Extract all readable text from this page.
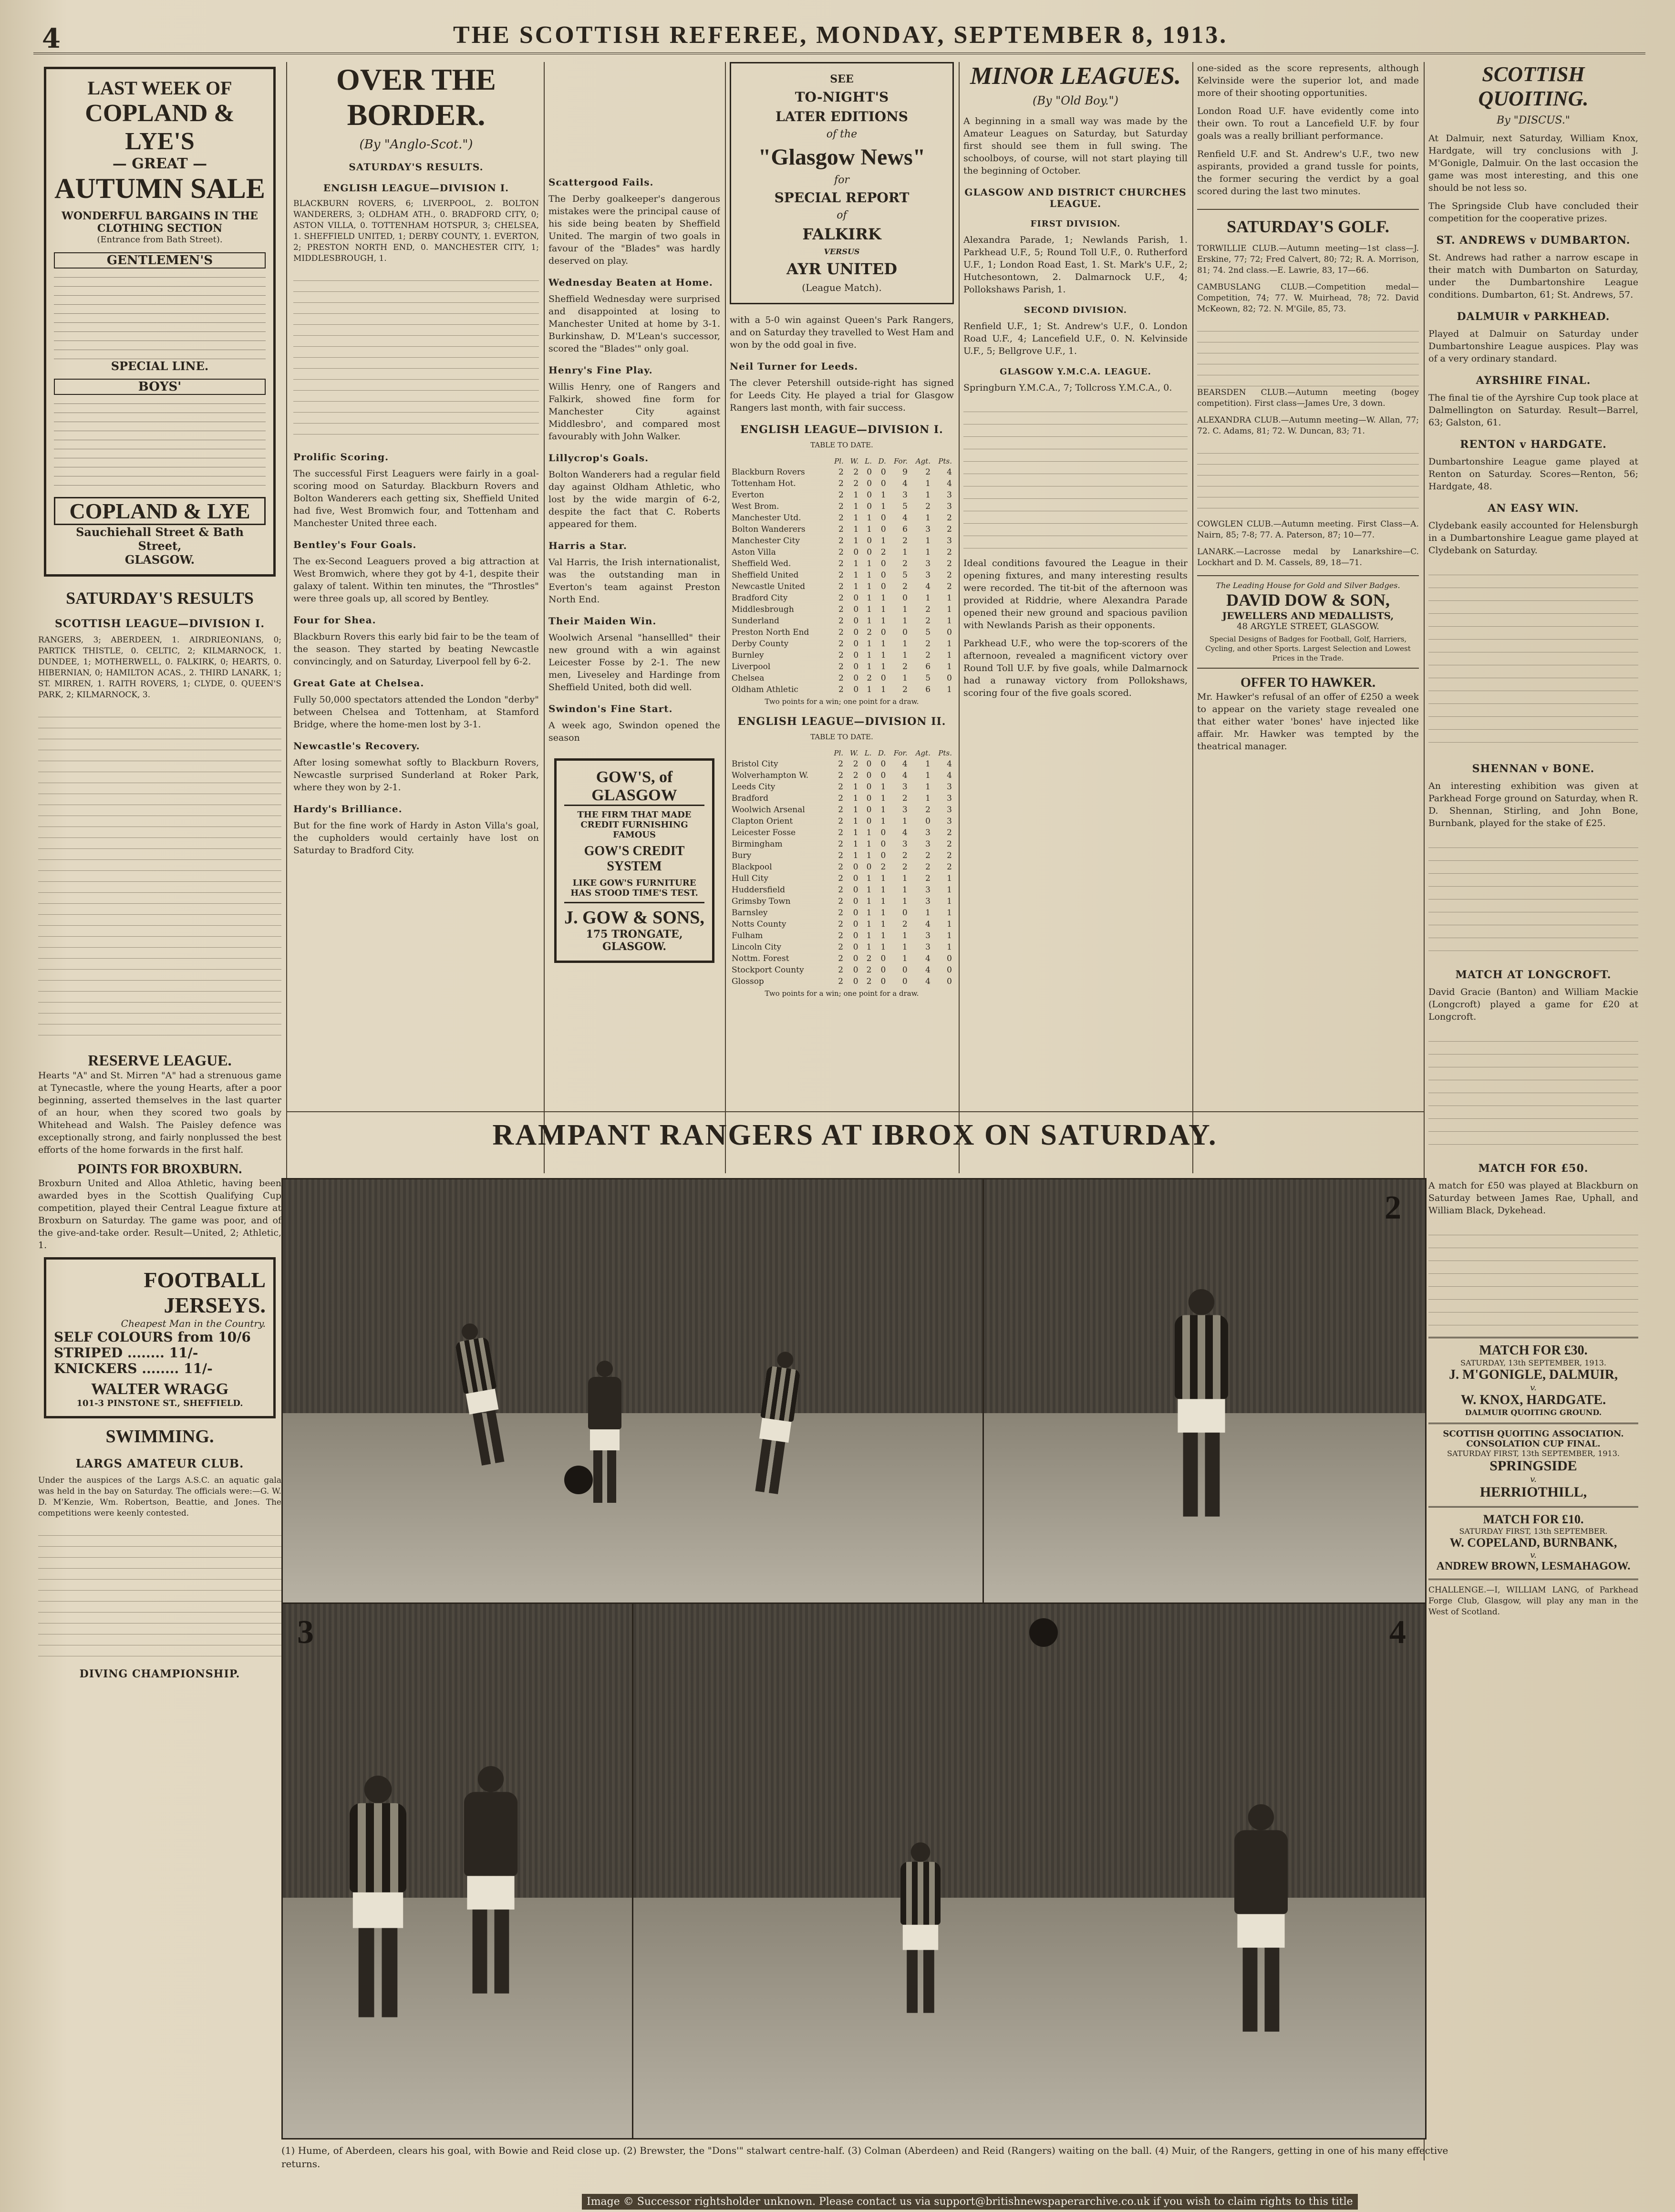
4	THE SCOTTISH REFEREE, MONDAY, SEPTEMBER 8, 1913.
LAST WEEK OF
COPLAND & LYE'S
— GREAT —
AUTUMN SALE
WONDERFUL BARGAINS IN THE CLOTHING SECTION
(Entrance from Bath Street).
GENTLEMEN'S
SPECIAL LINE.
BOYS'
COPLAND & LYE
Sauchiehall Street & Bath Street,
GLASGOW.
SATURDAY'S RESULTS
SCOTTISH LEAGUE—DIVISION I.

RANGERS, 3; ABERDEEN, 1. AIRDRIEONIANS, 0; PARTICK THISTLE, 0. CELTIC, 2; KILMARNOCK, 1. DUNDEE, 1; MOTHERWELL, 0. FALKIRK, 0; HEARTS, 0. HIBERNIAN, 0; HAMILTON ACAS., 2. THIRD LANARK, 1; ST. MIRREN, 1. RAITH ROVERS, 1; CLYDE, 0. QUEEN'S PARK, 2; KILMARNOCK, 3.

RESERVE LEAGUE.

Hearts "A" and St. Mirren "A" had a strenuous game at Tynecastle, where the young Hearts, after a poor beginning, asserted themselves in the last quarter of an hour, when they scored two goals by Whitehead and Walsh. The Paisley defence was exceptionally strong, and fairly nonplussed the best efforts of the home forwards in the first half.

POINTS FOR BROXBURN.

Broxburn United and Alloa Athletic, having been awarded byes in the Scottish Qualifying Cup competition, played their Central League fixture at Broxburn on Saturday. The game was poor, and of the give-and-take order. Result—United, 2; Athletic, 1.

FOOTBALL JERSEYS.
Cheapest Man in the Country.
SELF COLOURS from 10/6
STRIPED ........ 11/-
KNICKERS ........ 11/-
WALTER WRAGG
101-3 PINSTONE ST., SHEFFIELD.
SWIMMING.
LARGS AMATEUR CLUB.

Under the auspices of the Largs A.S.C. an aquatic gala was held in the bay on Saturday. The officials were:—G. W. D. M'Kenzie, Wm. Robertson, Beattie, and Jones. The competitions were keenly contested.

DIVING CHAMPIONSHIP.
OVER THE BORDER.
(By "Anglo-Scot.")
SATURDAY'S RESULTS.
ENGLISH LEAGUE—DIVISION I.

BLACKBURN ROVERS, 6; LIVERPOOL, 2. BOLTON WANDERERS, 3; OLDHAM ATH., 0. BRADFORD CITY, 0; ASTON VILLA, 0. TOTTENHAM HOTSPUR, 3; CHELSEA, 1. SHEFFIELD UNITED, 1; DERBY COUNTY, 1. EVERTON, 2; PRESTON NORTH END, 0. MANCHESTER CITY, 1; MIDDLESBROUGH, 1.

Prolific Scoring.

The successful First Leaguers were fairly in a goal-scoring mood on Saturday. Blackburn Rovers and Bolton Wanderers each getting six, Sheffield United had five, West Bromwich four, and Tottenham and Manchester United three each.

Bentley's Four Goals.

The ex-Second Leaguers proved a big attraction at West Bromwich, where they got by 4-1, despite their galaxy of talent. Within ten minutes, the "Throstles" were three goals up, all scored by Bentley.

Four for Shea.

Blackburn Rovers this early bid fair to be the team of the season. They started by beating Newcastle convincingly, and on Saturday, Liverpool fell by 6-2.

Great Gate at Chelsea.

Fully 50,000 spectators attended the London "derby" between Chelsea and Tottenham, at Stamford Bridge, where the home-men lost by 3-1.

Newcastle's Recovery.

After losing somewhat softly to Blackburn Rovers, Newcastle surprised Sunderland at Roker Park, where they won by 2-1.

Hardy's Brilliance.

But for the fine work of Hardy in Aston Villa's goal, the cupholders would certainly have lost on Saturday to Bradford City.

Scattergood Fails.

The Derby goalkeeper's dangerous mistakes were the principal cause of his side being beaten by Sheffield United. The margin of two goals in favour of the "Blades" was hardly deserved on play.

Wednesday Beaten at Home.

Sheffield Wednesday were surprised and disappointed at losing to Manchester United at home by 3-1. Burkinshaw, D. M'Lean's successor, scored the "Blades'" only goal.

Henry's Fine Play.

Willis Henry, one of Rangers and Falkirk, showed fine form for Manchester City against Middlesbro', and compared most favourably with John Walker.

Lillycrop's Goals.

Bolton Wanderers had a regular field day against Oldham Athletic, who lost by the wide margin of 6-2, despite the fact that C. Roberts appeared for them.

Harris a Star.

Val Harris, the Irish internationalist, was the outstanding man in Everton's team against Preston North End.

Their Maiden Win.

Woolwich Arsenal "hansellled" their new ground with a win against Leicester Fosse by 2-1. The new men, Liveseley and Hardinge from Sheffield United, both did well.

Swindon's Fine Start.

A week ago, Swindon opened the season

GOW'S, of GLASGOW
THE FIRM THAT MADE CREDIT FURNISHING FAMOUS
GOW'S CREDIT SYSTEM
LIKE GOW'S FURNITURE HAS STOOD TIME'S TEST.
J. GOW & SONS,
175 TRONGATE, GLASGOW.
SEE
TO-NIGHT'S
LATER EDITIONS
of the
"Glasgow News"
for
SPECIAL REPORT
of
FALKIRK
VERSUS
AYR UNITED
(League Match).

with a 5-0 win against Queen's Park Rangers, and on Saturday they travelled to West Ham and won by the odd goal in five.

Neil Turner for Leeds.

The clever Petershill outside-right has signed for Leeds City. He played a trial for Glasgow Rangers last month, with fair success.

ENGLISH LEAGUE—DIVISION I.
TABLE TO DATE.
	Pl.	W.	L.	D.	For.	Agt.	Pts.
Blackburn Rovers	2	2	0	0	9	2	4
Tottenham Hot.	2	2	0	0	4	1	4
Everton	2	1	0	1	3	1	3
West Brom.	2	1	0	1	5	2	3
Manchester Utd.	2	1	1	0	4	1	2
Bolton Wanderers	2	1	1	0	6	3	2
Manchester City	2	1	0	1	2	1	3
Aston Villa	2	0	0	2	1	1	2
Sheffield Wed.	2	1	1	0	2	3	2
Sheffield United	2	1	1	0	5	3	2
Newcastle United	2	1	1	0	2	4	2
Bradford City	2	0	1	1	0	1	1
Middlesbrough	2	0	1	1	1	2	1
Sunderland	2	0	1	1	1	2	1
Preston North End	2	0	2	0	0	5	0
Derby County	2	0	1	1	1	2	1
Burnley	2	0	1	1	1	2	1
Liverpool	2	0	1	1	2	6	1
Chelsea	2	0	2	0	1	5	0
Oldham Athletic	2	0	1	1	2	6	1
Two points for a win; one point for a draw.
ENGLISH LEAGUE—DIVISION II.
TABLE TO DATE.
	Pl.	W.	L.	D.	For.	Agt.	Pts.
Bristol City	2	2	0	0	4	1	4
Wolverhampton W.	2	2	0	0	4	1	4
Leeds City	2	1	0	1	3	1	3
Bradford	2	1	0	1	2	1	3
Woolwich Arsenal	2	1	0	1	3	2	3
Clapton Orient	2	1	0	1	1	0	3
Leicester Fosse	2	1	1	0	4	3	2
Birmingham	2	1	1	0	3	3	2
Bury	2	1	1	0	2	2	2
Blackpool	2	0	0	2	2	2	2
Hull City	2	0	1	1	1	2	1
Huddersfield	2	0	1	1	1	3	1
Grimsby Town	2	0	1	1	1	3	1
Barnsley	2	0	1	1	0	1	1
Notts County	2	0	1	1	2	4	1
Fulham	2	0	1	1	1	3	1
Lincoln City	2	0	1	1	1	3	1
Nottm. Forest	2	0	2	0	1	4	0
Stockport County	2	0	2	0	0	4	0
Glossop	2	0	2	0	0	4	0
Two points for a win; one point for a draw.
MINOR LEAGUES.
(By "Old Boy.")

A beginning in a small way was made by the Amateur Leagues on Saturday, but Saturday first should see them in full swing. The schoolboys, of course, will not start playing till the beginning of October.

GLASGOW AND DISTRICT CHURCHES LEAGUE.
FIRST DIVISION.

Alexandra Parade, 1; Newlands Parish, 1. Parkhead U.F., 5; Round Toll U.F., 0. Rutherford U.F., 1; London Road East, 1. St. Mark's U.F., 2; Hutchesontown, 2. Dalmarnock U.F., 4; Pollokshaws Parish, 1.

SECOND DIVISION.

Renfield U.F., 1; St. Andrew's U.F., 0. London Road U.F., 4; Lancefield U.F., 0. N. Kelvinside U.F., 5; Bellgrove U.F., 1.

GLASGOW Y.M.C.A. LEAGUE.

Springburn Y.M.C.A., 7; Tollcross Y.M.C.A., 0.

Ideal conditions favoured the League in their opening fixtures, and many interesting results were recorded. The tit-bit of the afternoon was provided at Riddrie, where Alexandra Parade opened their new ground and spacious pavilion with Newlands Parish as their opponents.

Parkhead U.F., who were the top-scorers of the afternoon, revealed a magnificent victory over Round Toll U.F. by five goals, while Dalmarnock had a runaway victory from Pollokshaws, scoring four of the five goals scored.

one-sided as the score represents, although Kelvinside were the superior lot, and made more of their shooting opportunities.

London Road U.F. have evidently come into their own. To rout a Lancefield U.F. by four goals was a really brilliant performance.

Renfield U.F. and St. Andrew's U.F., two new aspirants, provided a grand tussle for points, the former securing the verdict by a goal scored during the last two minutes.

SATURDAY'S GOLF.

TORWILLIE CLUB.—Autumn meeting—1st class—J. Erskine, 77; 72; Fred Calvert, 80; 72; R. A. Morrison, 81; 74. 2nd class.—E. Lawrie, 83, 17—66.

CAMBUSLANG CLUB.—Competition medal—Competition, 74; 77. W. Muirhead, 78; 72. David McKeown, 82; 72. N. M'Gile, 85, 73.

BEARSDEN CLUB.—Autumn meeting (bogey competition). First class—James Ure, 3 down.

ALEXANDRA CLUB.—Autumn meeting—W. Allan, 77; 72. C. Adams, 81; 72. W. Duncan, 83; 71.

COWGLEN CLUB.—Autumn meeting. First Class—A. Nairn, 85; 7-8; 77. A. Paterson, 87; 10—77.

LANARK.—Lacrosse medal by Lanarkshire—C. Lockhart and D. M. Cassels, 89, 18—71.

The Leading House for Gold and Silver Badges.
DAVID DOW & SON,
JEWELLERS AND MEDALLISTS,
48 ARGYLE STREET, GLASGOW.
Special Designs of Badges for Football, Golf, Harriers, Cycling, and other Sports. Largest Selection and Lowest Prices in the Trade.
OFFER TO HAWKER.

Mr. Hawker's refusal of an offer of £250 a week to appear on the variety stage revealed one that either water 'bones' have injected like affair. Mr. Hawker was tempted by the theatrical manager.

SCOTTISH QUOITING.
By "DISCUS."

At Dalmuir, next Saturday, William Knox, Hardgate, will try conclusions with J. M'Gonigle, Dalmuir. On the last occasion the game was most interesting, and this one should be not less so.

The Springside Club have concluded their competition for the cooperative prizes.

ST. ANDREWS v DUMBARTON.

St. Andrews had rather a narrow escape in their match with Dumbarton on Saturday, under the Dumbartonshire League conditions. Dumbarton, 61; St. Andrews, 57.

DALMUIR v PARKHEAD.

Played at Dalmuir on Saturday under Dumbartonshire League auspices. Play was of a very ordinary standard.

AYRSHIRE FINAL.

The final tie of the Ayrshire Cup took place at Dalmellington on Saturday. Result—Barrel, 63; Galston, 61.

RENTON v HARDGATE.

Dumbartonshire League game played at Renton on Saturday. Scores—Renton, 56; Hardgate, 48.

AN EASY WIN.

Clydebank easily accounted for Helensburgh in a Dumbartonshire League game played at Clydebank on Saturday.

SHENNAN v BONE.

An interesting exhibition was given at Parkhead Forge ground on Saturday, when R. D. Shennan, Stirling, and John Bone, Burnbank, played for the stake of £25.

MATCH AT LONGCROFT.

David Gracie (Banton) and William Mackie (Longcroft) played a game for £20 at Longcroft.

MATCH FOR £50.

A match for £50 was played at Blackburn on Saturday between James Rae, Uphall, and William Black, Dykehead.

MATCH FOR £30.
SATURDAY, 13th SEPTEMBER, 1913.
J. M'GONIGLE, DALMUIR,
v.
W. KNOX, HARDGATE.
DALMUIR QUOITING GROUND.
SCOTTISH QUOITING ASSOCIATION. CONSOLATION CUP FINAL.
SATURDAY FIRST, 13th SEPTEMBER, 1913.
SPRINGSIDE
v.
HERRIOTHILL,
MATCH FOR £10.
SATURDAY FIRST, 13th SEPTEMBER.
W. COPELAND, BURNBANK,
v.
ANDREW BROWN, LESMAHAGOW.

CHALLENGE.—I, WILLIAM LANG, of Parkhead Forge Club, Glasgow, will play any man in the West of Scotland.

RAMPANT RANGERS AT IBROX ON SATURDAY.
2
3	4
(1) Hume, of Aberdeen, clears his goal, with Bowie and Reid close up. (2) Brewster, the "Dons'" stalwart centre-half. (3) Colman (Aberdeen) and Reid (Rangers) waiting on the ball. (4) Muir, of the Rangers, getting in one of his many effective returns.
Image © Successor rightsholder unknown. Please contact us via support@britishnewspaperarchive.co.uk if you wish to claim rights to this title
